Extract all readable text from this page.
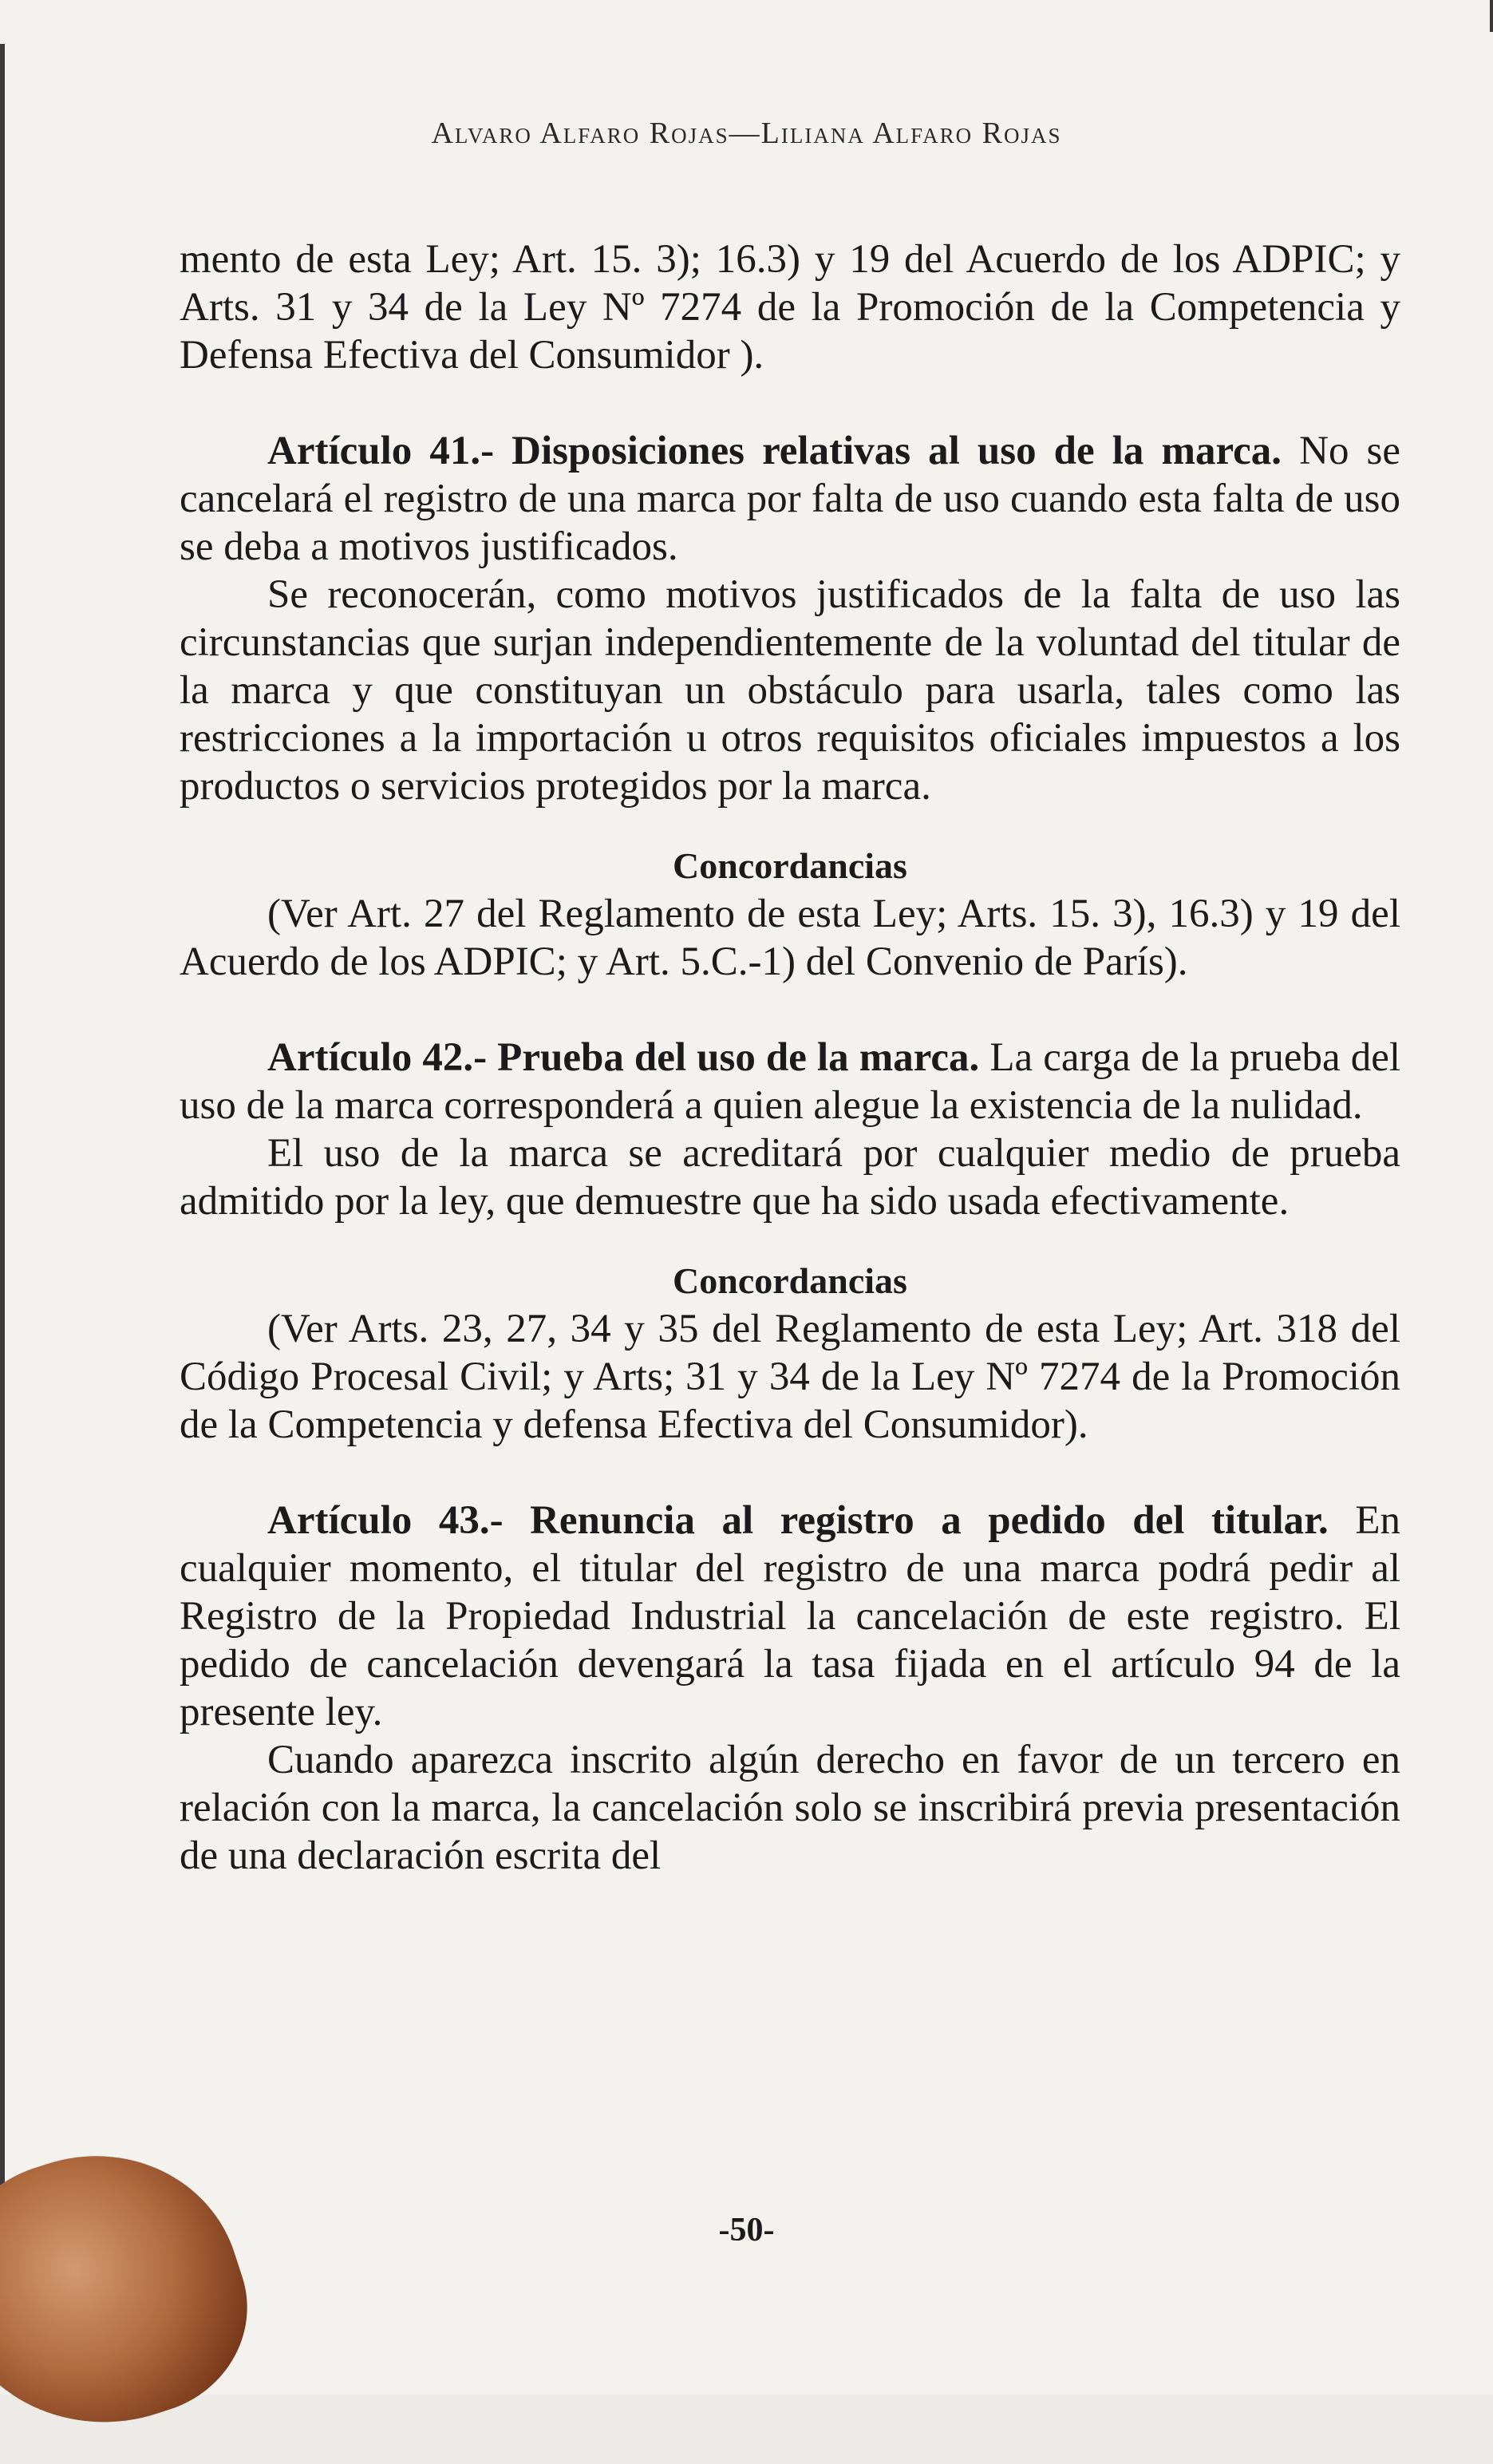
Alvaro Alfaro Rojas—Liliana Alfaro Rojas

mento de esta Ley; Art. 15. 3); 16.3) y 19 del Acuerdo de los ADPIC; y Arts. 31 y 34 de la Ley Nº 7274 de la Promoción de la Competencia y Defensa Efectiva del Consumidor ).

Artículo 41.- Disposiciones relativas al uso de la marca. No se cancelará el registro de una marca por falta de uso cuando esta falta de uso se deba a motivos justificados.

Se reconocerán, como motivos justificados de la falta de uso las circunstancias que surjan independientemente de la voluntad del titular de la marca y que constituyan un obstáculo para usarla, tales como las restricciones a la importación u otros requisitos oficiales impuestos a los productos o servicios protegidos por la marca.

Concordancias

(Ver Art. 27 del Reglamento de esta Ley; Arts. 15. 3), 16.3) y 19 del Acuerdo de los ADPIC; y Art. 5.C.-1) del Convenio de París).

Artículo 42.- Prueba del uso de la marca. La carga de la prueba del uso de la marca corresponderá a quien alegue la existencia de la nulidad.

El uso de la marca se acreditará por cualquier medio de prueba admitido por la ley, que demuestre que ha sido usada efectivamente.

Concordancias

(Ver Arts. 23, 27, 34 y 35 del Reglamento de esta Ley; Art. 318 del Código Procesal Civil; y Arts; 31 y 34 de la Ley Nº 7274 de la Promoción de la Competencia y defensa Efectiva del Consumidor).

Artículo 43.- Renuncia al registro a pedido del titular. En cualquier momento, el titular del registro de una marca podrá pedir al Registro de la Propiedad Industrial la cancelación de este registro. El pedido de cancelación devengará la tasa fijada en el artículo 94 de la presente ley.

Cuando aparezca inscrito algún derecho en favor de un tercero en relación con la marca, la cancelación solo se inscribirá previa presentación de una declaración escrita del

-50-
